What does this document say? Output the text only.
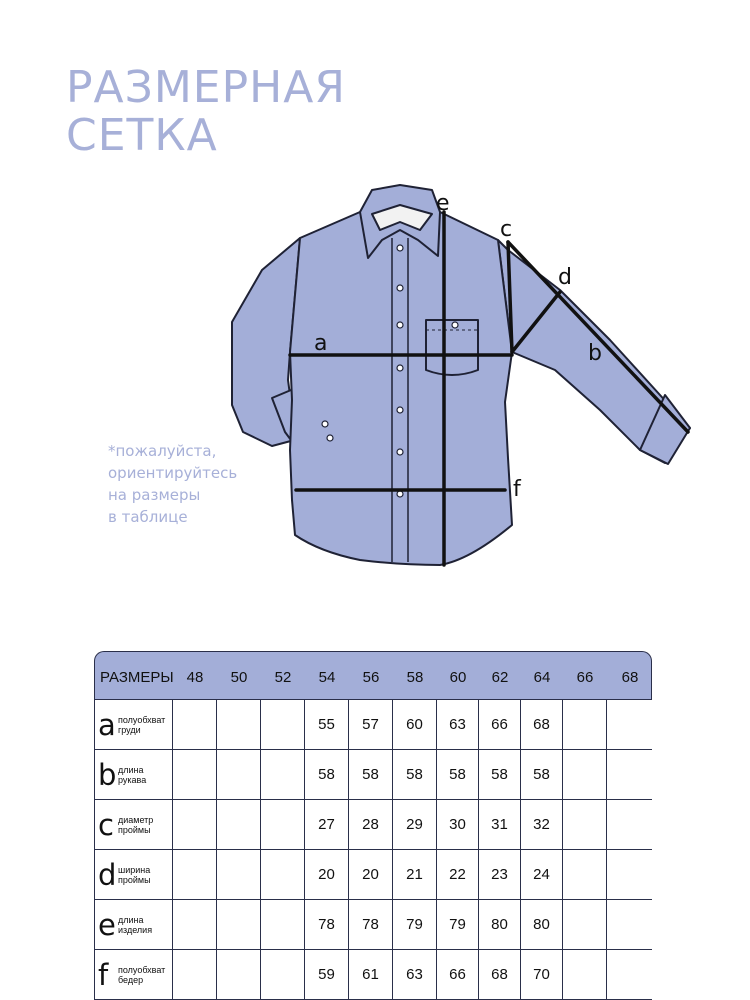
РАЗМЕРНАЯ
СЕТКА
a	b
c
d
e
f
*пожалуйста,
ориентируйтесь
на размеры
в таблице
РАЗМЕРЫ 48	50	52	54	56	58	60	62	64	66	68
a полуобхват
груди				55	57	60	63	66	68		
b длина
рукава				58	58	58	58	58	58		
c диаметр
проймы				27	28	29	30	31	32		
d ширина
проймы				20	20	21	22	23	24		
e длина
изделия				78	78	79	79	80	80		
f полуобхват
бедер				59	61	63	66	68	70		
